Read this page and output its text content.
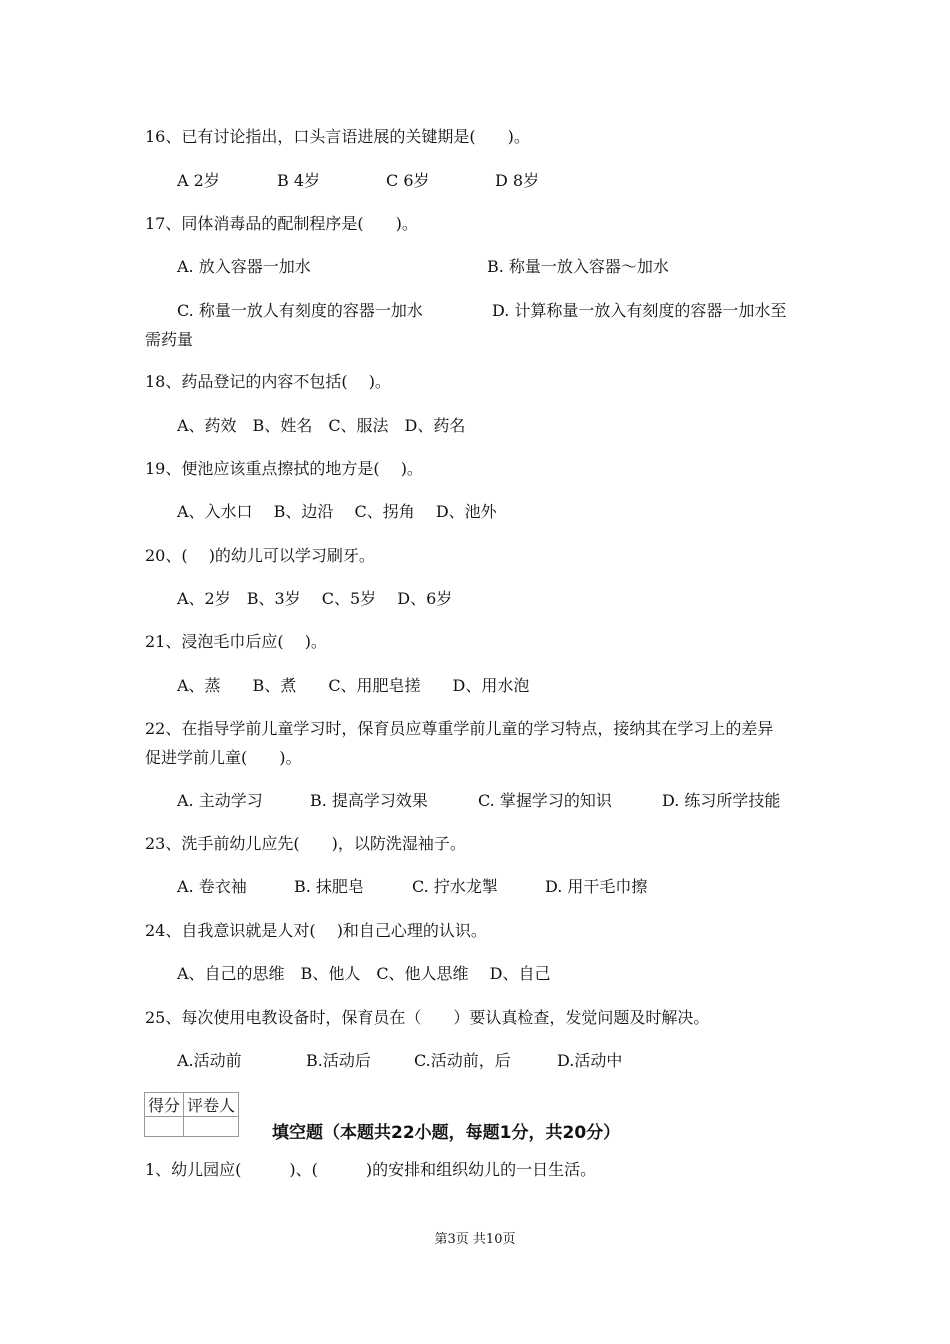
16、已有讨论指出，口头言语进展的关键期是(　　)。
A 2岁	B 4岁	C 6岁	D 8岁
17、同体消毒品的配制程序是(　　)。
A. 放入容器一加水	B. 称量一放入容器～加水
C. 称量一放人有刻度的容器一加水	D. 计算称量一放入有刻度的容器一加水至
需药量
18、药品登记的内容不包括(　 )。
A、药效　B、姓名　C、服法　D、药名
19、便池应该重点擦拭的地方是(　 )。
A、入水口　 B、边沿　 C、拐角　 D、池外
20、(　 )的幼儿可以学习刷牙。
A、2岁　B、3岁　 C、5岁　 D、6岁
21、浸泡毛巾后应(　 )。
A、蒸　　B、煮　　C、用肥皂搓　　D、用水泡
22、在指导学前儿童学习时，保育员应尊重学前儿童的学习特点，接纳其在学习上的差异
促进学前儿童(　　)。
A. 主动学习	B. 提高学习效果	C. 掌握学习的知识	D. 练习所学技能
23、洗手前幼儿应先(　　)，以防洗湿袖子。
A. 卷衣袖	B. 抹肥皂	C. 拧水龙掣	D. 用干毛巾擦
24、自我意识就是人对(　 )和自己心理的认识。
A、自己的思维　B、他人　C、他人思维　 D、自己
25、每次使用电教设备时，保育员在（　　）要认真检查，发觉问题及时解决。
A.活动前	B.活动后	C.活动前，后	D.活动中
得分	评卷人

填空题（本题共22小题，每题1分，共20分）
1、幼儿园应(　　　)、(　　　)的安排和组织幼儿的一日生活。
第3页 共10页
